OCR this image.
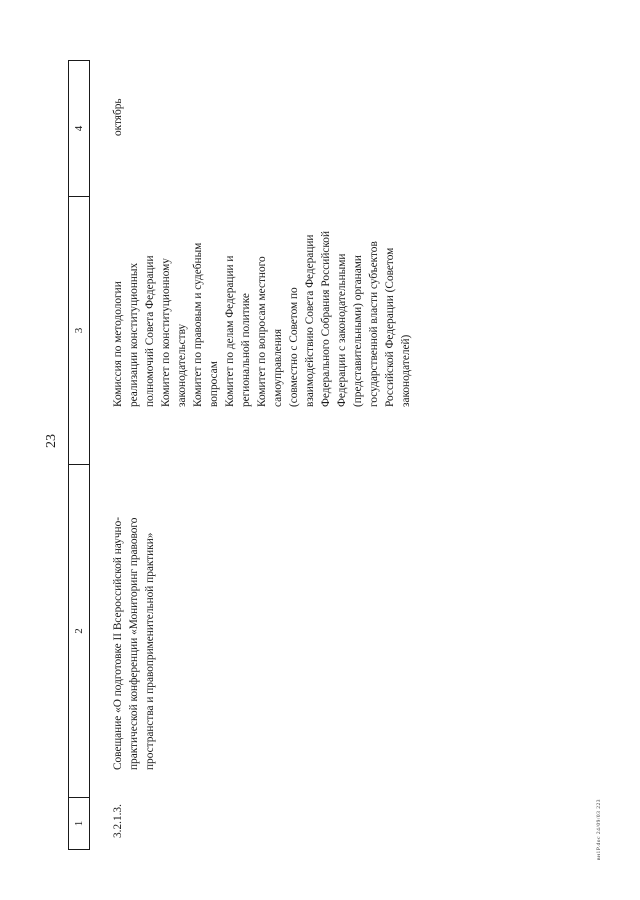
23
1
2
3
4
3.2.1.3.
Совещание «О подготовке II Всероссийской научно- практической конференции «Мониторинг правового пространства и правоприменительной практики»
Комиссия по методологии реализации конституционных полномочий Совета Федерации Комитет по конституционному законодательству Комитет по правовым и судебным вопросам Комитет по делам Федерации и региональной политике Комитет по вопросам местного самоуправления (совместно с Советом по взаимодействию Совета Федерации Федерального Собрания Российской Федерации с законодательными (представительными) органами государственной власти субъектов Российской Федерации (Советом законодателей)
октябрь
вн1Р.doc 24/09/03 223
